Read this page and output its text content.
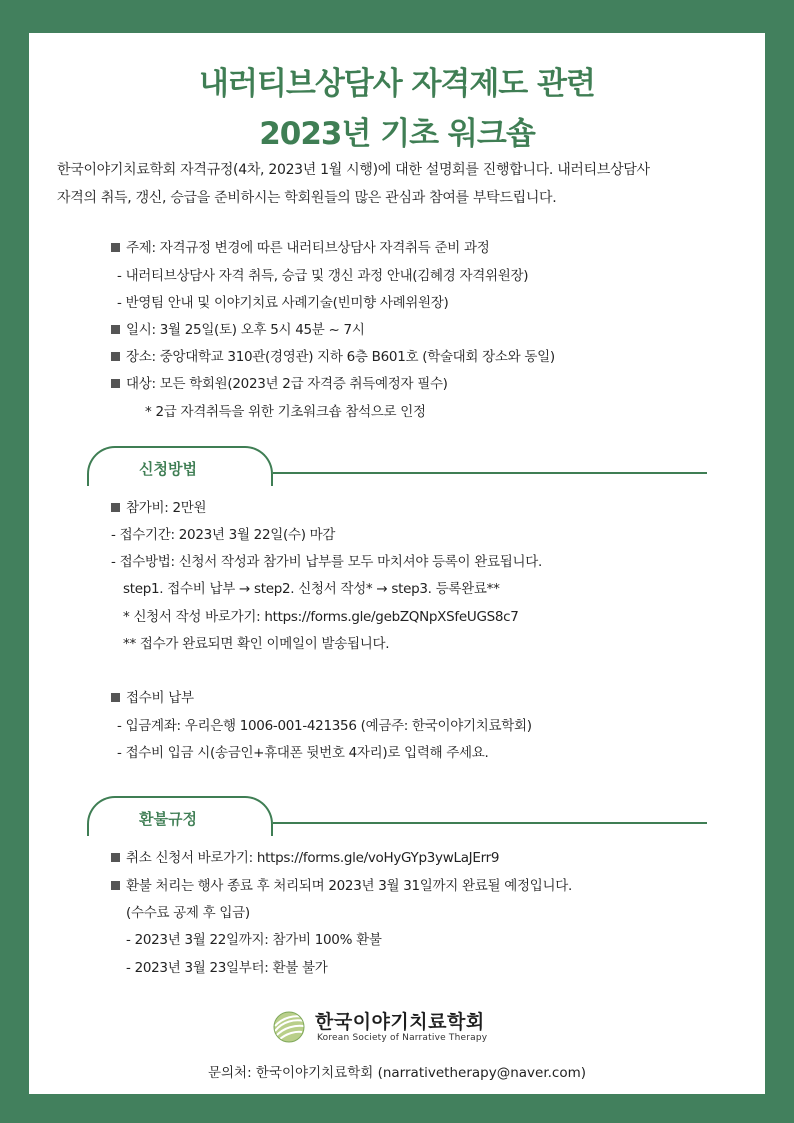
내러티브상담사 자격제도 관련
2023년 기초 워크숍
한국이야기치료학회 자격규정(4차, 2023년 1월 시행)에 대한 설명회를 진행합니다. 내러티브상담사
자격의 취득, 갱신, 승급을 준비하시는 학회원들의 많은 관심과 참여를 부탁드립니다.
주제: 자격규정 변경에 따른 내러티브상담사 자격취득 준비 과정
- 내러티브상담사 자격 취득, 승급 및 갱신 과정 안내(김혜경 자격위원장)
- 반영팀 안내 및 이야기치료 사례기술(빈미향 사례위원장)
일시: 3월 25일(토) 오후 5시 45분 ~ 7시
장소: 중앙대학교 310관(경영관) 지하 6층 B601호 (학술대회 장소와 동일)
대상: 모든 학회원(2023년 2급 자격증 취득예정자 필수)
* 2급 자격취득을 위한 기초워크숍 참석으로 인정
신청방법
참가비: 2만원
- 접수기간: 2023년 3월 22일(수) 마감
- 접수방법: 신청서 작성과 참가비 납부를 모두 마치셔야 등록이 완료됩니다.
step1. 접수비 납부 → step2. 신청서 작성* → step3. 등록완료**
* 신청서 작성 바로가기: https://forms.gle/gebZQNpXSfeUGS8c7
** 접수가 완료되면 확인 이메일이 발송됩니다.
접수비 납부
- 입금계좌: 우리은행 1006-001-421356 (예금주: 한국이야기치료학회)
- 접수비 입금 시(송금인+휴대폰 뒷번호 4자리)로 입력해 주세요.
환불규정
취소 신청서 바로가기: https://forms.gle/voHyGYp3ywLaJErr9
환불 처리는 행사 종료 후 처리되며 2023년 3월 31일까지 완료될 예정입니다.
(수수료 공제 후 입금)
- 2023년 3월 22일까지: 참가비 100% 환불
- 2023년 3월 23일부터: 환불 불가
한국이야기치료학회
Korean Society of Narrative Therapy
문의처: 한국이야기치료학회 (narrativetherapy@naver.com)
